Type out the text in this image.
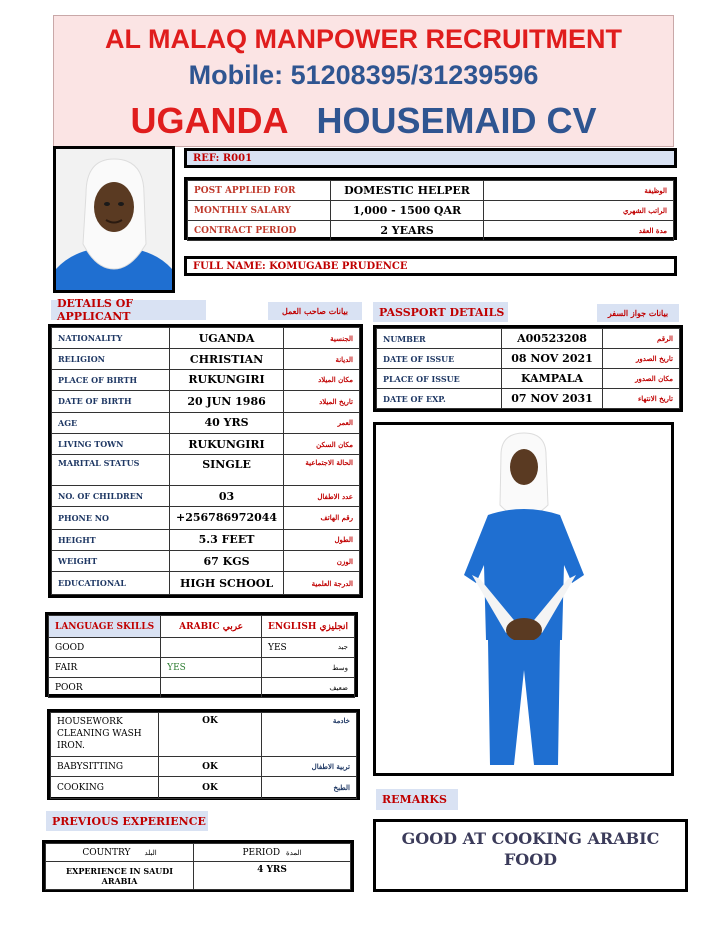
AL MALAQ MANPOWER RECRUITMENT
Mobile: 51208395/31239596
UGANDA HOUSEMAID CV
REF: R001
POST APPLIED FOR	DOMESTIC HELPER	الوظيفة
MONTHLY SALARY	1,000 - 1500 QAR	الراتب الشهري
CONTRACT PERIOD	2 YEARS	مدة العقد
FULL NAME: KOMUGABE PRUDENCE
DETAILS OF APPLICANT	بيانات صاحب العمل
NATIONALITY	UGANDA	الجنسية
RELIGION	CHRISTIAN	الديانة
PLACE OF BIRTH	RUKUNGIRI	مكان الميلاد
DATE OF BIRTH	20 JUN 1986	تاريخ الميلاد
AGE	40 YRS	العمر
LIVING TOWN	RUKUNGIRI	مكان السكن
MARITAL STATUS	SINGLE	الحالة الاجتماعية
NO. OF CHILDREN	03	عدد الاطفال
PHONE NO	+256786972044	رقم الهاتف
HEIGHT	5.3 FEET	الطول
WEIGHT	67 KGS	الوزن
EDUCATIONAL	HIGH SCHOOL	الدرجة العلمية
PASSPORT DETAILS	بيانات جواز السفر
NUMBER	A00523208	الرقم
DATE OF ISSUE	08 NOV 2021	تاريخ الصدور
PLACE OF ISSUE	KAMPALA	مكان الصدور
DATE OF EXP.	07 NOV 2031	تاريخ الانتهاء
LANGUAGE SKILLS	ARABIC عربي	ENGLISH انجليزي
GOOD		YES جيد

FAIR	YES	وسط

POOR		ضعيف
HOUSEWORK CLEANING WASH IRON.	OK	خادمة
BABYSITTING	OK	تربية الاطفال
COOKING	OK	الطبخ
PREVIOUS EXPERIENCE
COUNTRY البلد	PERIOD المدة
EXPERIENCE IN SAUDI ARABIA	4 YRS
REMARKS
GOOD AT COOKING ARABIC FOOD
